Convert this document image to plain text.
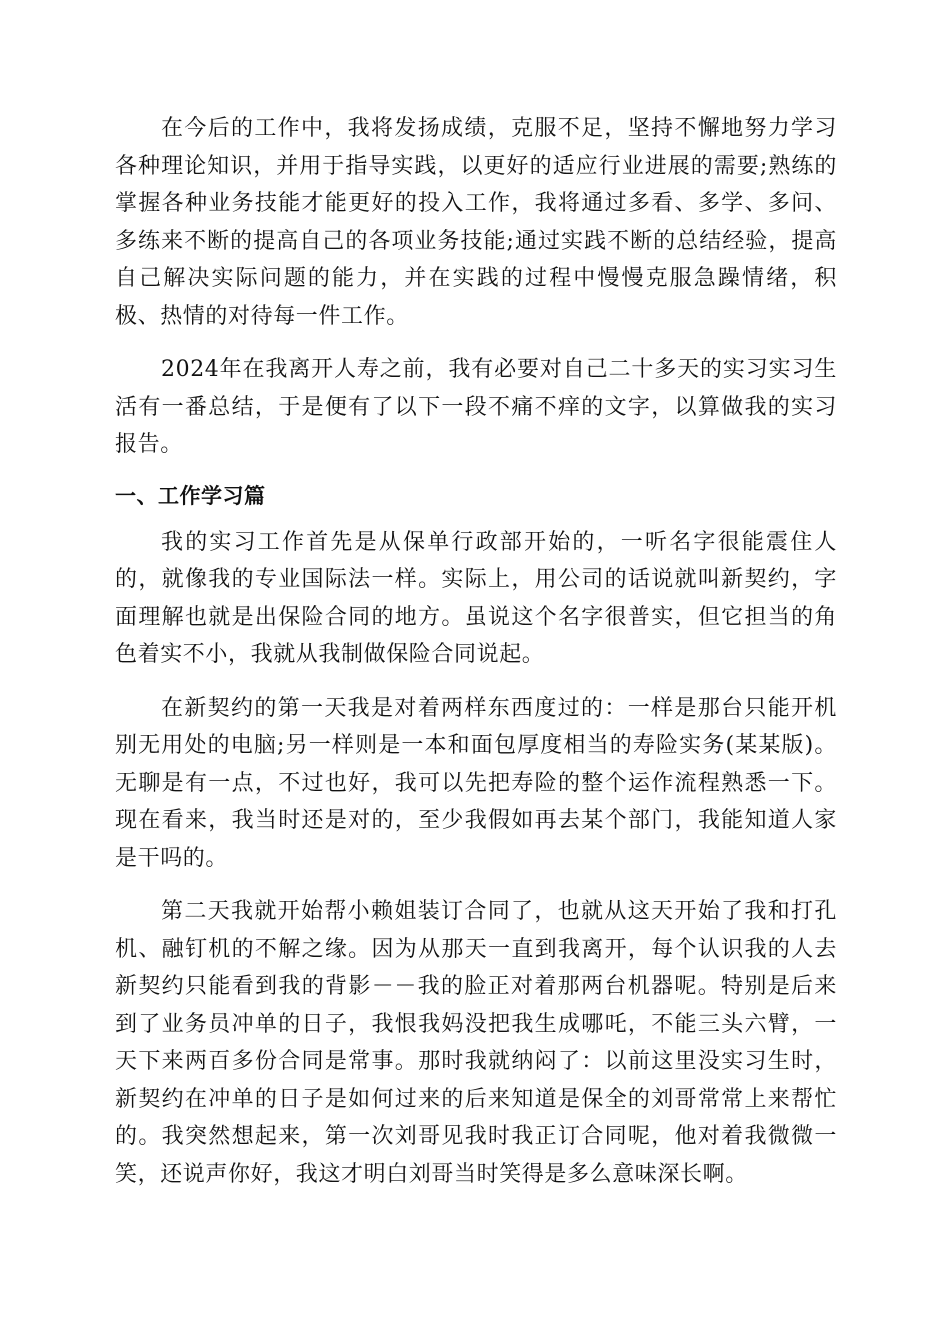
在今后的工作中，我将发扬成绩，克服不足，坚持不懈地努力学习各种理论知识，并用于指导实践，以更好的适应行业进展的需要;熟练的掌握各种业务技能才能更好的投入工作，我将通过多看、多学、多问、多练来不断的提高自己的各项业务技能;通过实践不断的总结经验，提高自己解决实际问题的能力，并在实践的过程中慢慢克服急躁情绪，积极、热情的对待每一件工作。

2024年在我离开人寿之前，我有必要对自己二十多天的实习实习生活有一番总结，于是便有了以下一段不痛不痒的文字，以算做我的实习报告。

一、工作学习篇

我的实习工作首先是从保单行政部开始的，一听名字很能震住人的，就像我的专业国际法一样。实际上，用公司的话说就叫新契约，字面理解也就是出保险合同的地方。虽说这个名字很普实，但它担当的角色着实不小，我就从我制做保险合同说起。

在新契约的第一天我是对着两样东西度过的：一样是那台只能开机别无用处的电脑;另一样则是一本和面包厚度相当的寿险实务(某某版)。无聊是有一点，不过也好，我可以先把寿险的整个运作流程熟悉一下。现在看来，我当时还是对的，至少我假如再去某个部门，我能知道人家是干吗的。

第二天我就开始帮小赖姐装订合同了，也就从这天开始了我和打孔机、融钉机的不解之缘。因为从那天一直到我离开，每个认识我的人去新契约只能看到我的背影－－我的脸正对着那两台机器呢。特别是后来到了业务员冲单的日子，我恨我妈没把我生成哪吒，不能三头六臂，一天下来两百多份合同是常事。那时我就纳闷了：以前这里没实习生时，新契约在冲单的日子是如何过来的后来知道是保全的刘哥常常上来帮忙的。我突然想起来，第一次刘哥见我时我正订合同呢，他对着我微微一笑，还说声你好，我这才明白刘哥当时笑得是多么意味深长啊。
